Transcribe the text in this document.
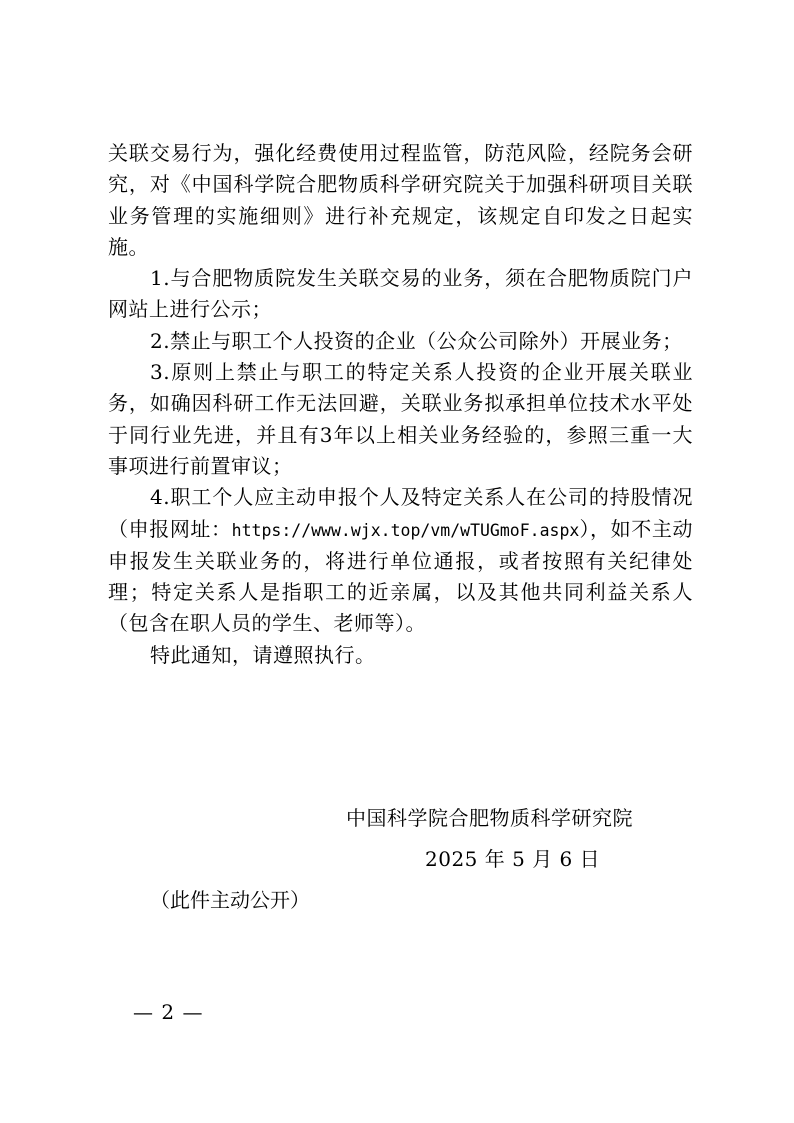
关联交易行为，强化经费使用过程监管，防范风险，经院务会研究，对《中国科学院合肥物质科学研究院关于加强科研项目关联业务管理的实施细则》进行补充规定，该规定自印发之日起实施。

1.与合肥物质院发生关联交易的业务，须在合肥物质院门户网站上进行公示；

2.禁止与职工个人投资的企业（公众公司除外）开展业务；

3.原则上禁止与职工的特定关系人投资的企业开展关联业务，如确因科研工作无法回避，关联业务拟承担单位技术水平处于同行业先进，并且有3年以上相关业务经验的，参照三重一大事项进行前置审议；

4.职工个人应主动申报个人及特定关系人在公司的持股情况（申报网址：https://www.wjx.top/vm/wTUGmoF.aspx），如不主动申报发生关联业务的，将进行单位通报，或者按照有关纪律处理；特定关系人是指职工的近亲属，以及其他共同利益关系人（包含在职人员的学生、老师等）。

特此通知，请遵照执行。

中国科学院合肥物质科学研究院
2025 年 5 月 6 日
（此件主动公开）
— 2 —
